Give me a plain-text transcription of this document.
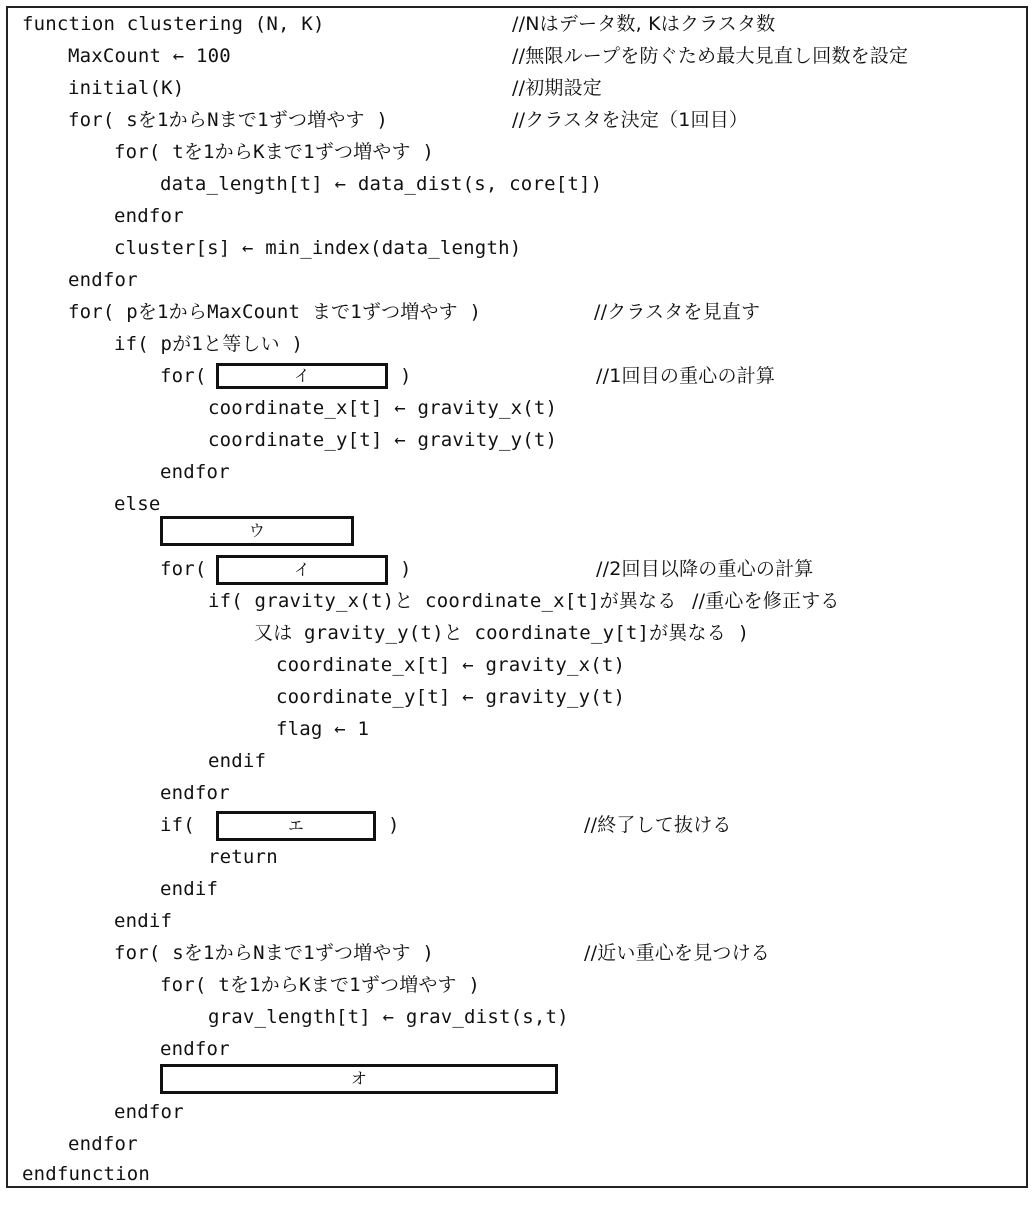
function clustering (N, K)

	//Nはデータ数, Kはクラスタ数

MaxCount ← 100

	//無限ループを防ぐため最大見直し回数を設定

initial(K)

	//初期設定

for( sを1からNまで1ずつ増やす )

	//クラスタを決定（1回目）

for( tを1からKまで1ずつ増やす )

data_length[t] ← data_dist(s, core[t])

endfor

cluster[s] ← min_index(data_length)

endfor

for( pを1からMaxCount まで1ずつ増やす )

	//クラスタを見直す

if( pが1と等しい )

for(

	イ

	)

	//1回目の重心の計算

coordinate_x[t] ← gravity_x(t)

coordinate_y[t] ← gravity_y(t)

endfor

else

ウ

for(

	イ

	)

	//2回目以降の重心の計算

if( gravity_x(t)と coordinate_x[t]が異なる

//重心を修正する

又は gravity_y(t)と coordinate_y[t]が異なる )

coordinate_x[t] ← gravity_x(t)

coordinate_y[t] ← gravity_y(t)

flag ← 1

endif

endfor

if(

	エ

	)

	//終了して抜ける

return

endif

endif

for( sを1からNまで1ずつ増やす )

	//近い重心を見つける

for( tを1からKまで1ずつ増やす )

grav_length[t] ← grav_dist(s,t)

endfor

オ

endfor

endfor

endfunction
